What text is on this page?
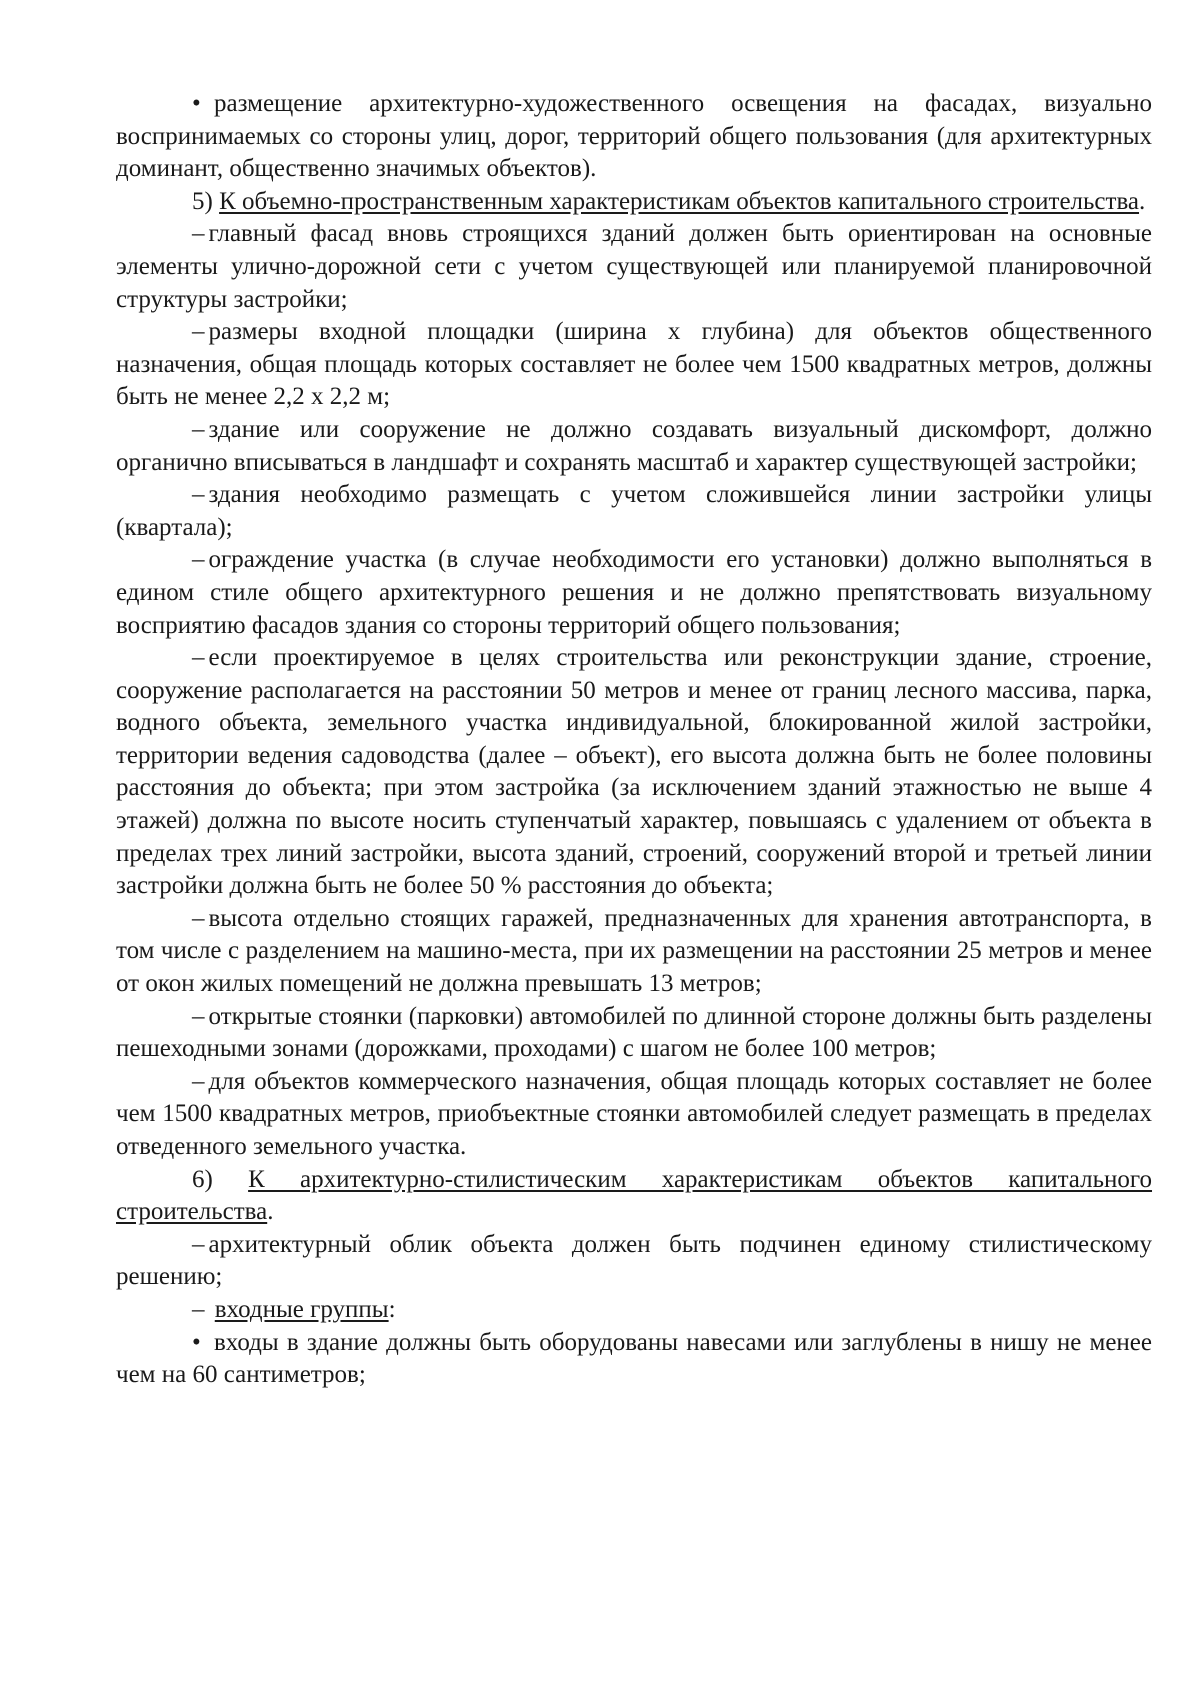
• размещение архитектурно-художественного освещения на фасадах, визуально воспринимаемых со стороны улиц, дорог, территорий общего пользования (для архитектурных доминант, общественно значимых объектов).

5) К объемно-пространственным характеристикам объектов капитального строительства.

– главный фасад вновь строящихся зданий должен быть ориентирован на основные элементы улично-дорожной сети с учетом существующей или планируемой планировочной структуры застройки;

– размеры входной площадки (ширина х глубина) для объектов общественного назначения, общая площадь которых составляет не более чем 1500 квадратных метров, должны быть не менее 2,2 х 2,2 м;

– здание или сооружение не должно создавать визуальный дискомфорт, должно органично вписываться в ландшафт и сохранять масштаб и характер существующей застройки;

– здания необходимо размещать с учетом сложившейся линии застройки улицы (квартала);

– ограждение участка (в случае необходимости его установки) должно выполняться в едином стиле общего архитектурного решения и не должно препятствовать визуальному восприятию фасадов здания со стороны территорий общего пользования;

– если проектируемое в целях строительства или реконструкции здание, строение, сооружение располагается на расстоянии 50 метров и менее от границ лесного массива, парка, водного объекта, земельного участка индивидуальной, блокированной жилой застройки, территории ведения садоводства (далее – объект), его высота должна быть не более половины расстояния до объекта; при этом застройка (за исключением зданий этажностью не выше 4 этажей) должна по высоте носить ступенчатый характер, повышаясь с удалением от объекта в пределах трех линий застройки, высота зданий, строений, сооружений второй и третьей линии застройки должна быть не более 50 % расстояния до объекта;

– высота отдельно стоящих гаражей, предназначенных для хранения автотранспорта, в том числе с разделением на машино-места, при их размещении на расстоянии 25 метров и менее от окон жилых помещений не должна превышать 13 метров;

– открытые стоянки (парковки) автомобилей по длинной стороне должны быть разделены пешеходными зонами (дорожками, проходами) с шагом не более 100 метров;

– для объектов коммерческого назначения, общая площадь которых составляет не более чем 1500 квадратных метров, приобъектные стоянки автомобилей следует размещать в пределах отведенного земельного участка.

6) К архитектурно-стилистическим характеристикам объектов капитального строительства.

– архитектурный облик объекта должен быть подчинен единому стилистическому решению;

– входные группы:

• входы в здание должны быть оборудованы навесами или заглублены в нишу не менее чем на 60 сантиметров;
